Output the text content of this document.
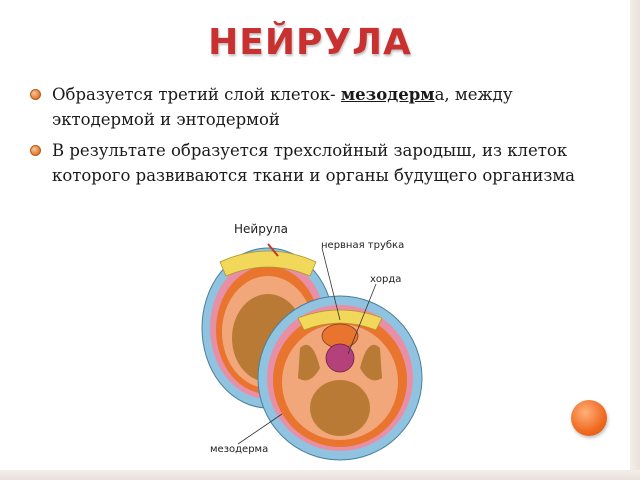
НЕЙРУЛА
Образуется третий слой клеток- мезодерма, между эктодермой и энтодермой
В результате образуется трехслойный зародыш, из клеток которого развиваются ткани и органы будущего организма
Нейрула
нервная трубка
хорда
мезодерма
